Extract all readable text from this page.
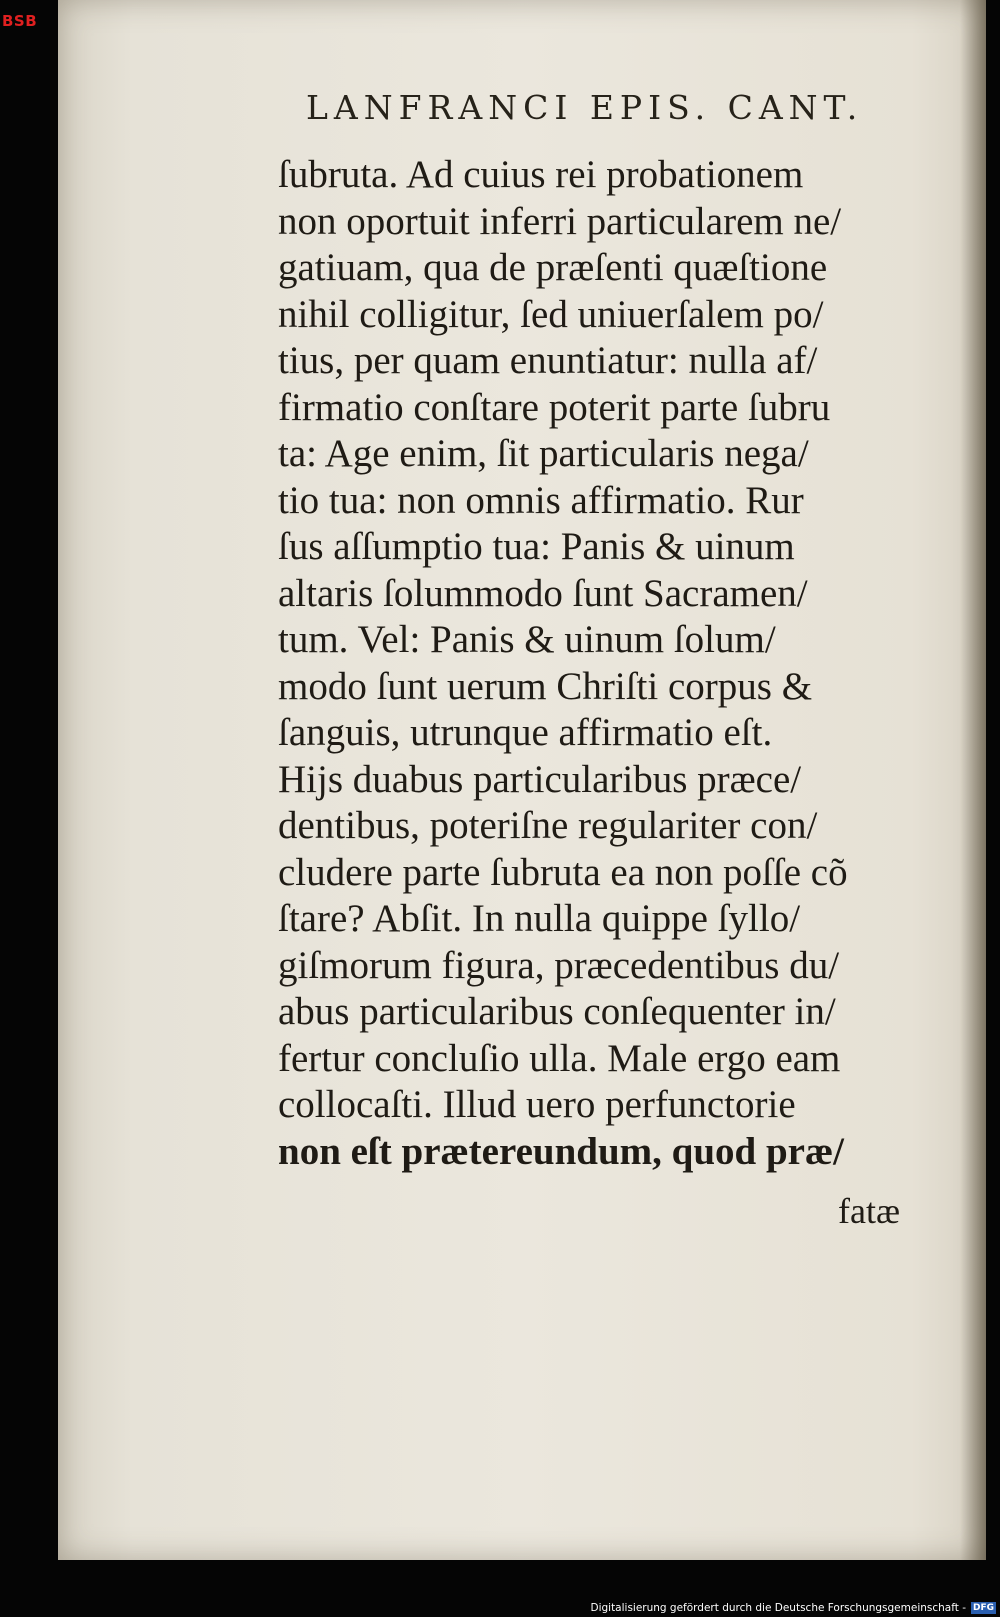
BSB
LANFRANCI EPIS. CANT.
ſubruta. Ad cuius rei probationem
non oportuit inferri particularem ne/
gatiuam, qua de præſenti quæſtione
nihil colligitur, ſed uniuerſalem po/
tius, per quam enuntiatur: nulla af/
firmatio conſtare poterit parte ſubru
ta: Age enim, ſit particularis nega/
tio tua: non omnis affirmatio. Rur
ſus aſſumptio tua: Panis & uinum
altaris ſolummodo ſunt Sacramen/
tum. Vel: Panis & uinum ſolum/
modo ſunt uerum Chriſti corpus &
ſanguis, utrunque affirmatio eſt.
Hijs duabus particularibus præce/
dentibus, poteriſne regulariter con/
cludere parte ſubruta ea non poſſe cõ
ſtare? Abſit. In nulla quippe ſyllo/
giſmorum figura, præcedentibus du/
abus particularibus conſequenter in/
fertur concluſio ulla. Male ergo eam
collocaſti. Illud uero perfunctorie
non eſt prætereundum, quod præ/
fatæ
Digitalisierung gefördert durch die Deutsche Forschungsgemeinschaft - DFG
